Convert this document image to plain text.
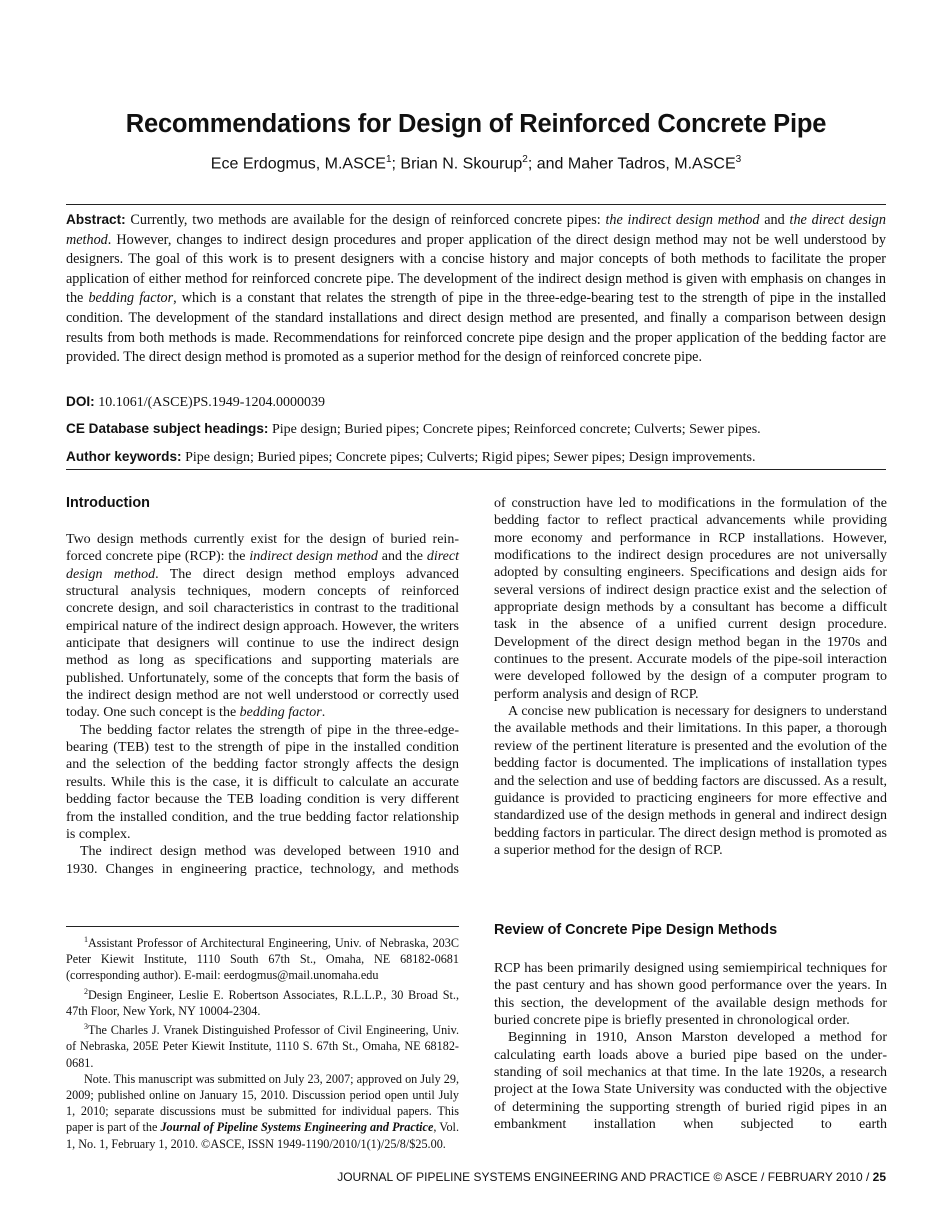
Recommendations for Design of Reinforced Concrete Pipe
Ece Erdogmus, M.ASCE$^1$; Brian N. Skourup$^2$; and Maher Tadros, M.ASCE$^3$
Abstract: Currently, two methods are available for the design of reinforced concrete pipes: the indirect design method and the direct design method. However, changes to indirect design procedures and proper application of the direct design method may not be well understood by designers. The goal of this work is to present designers with a concise history and major concepts of both methods to facilitate the proper application of either method for reinforced concrete pipe. The development of the indirect design method is given with emphasis on changes in the bedding factor, which is a constant that relates the strength of pipe in the three-edge-bearing test to the strength of pipe in the installed condition. The development of the standard installations and direct design method are presented, and finally a comparison between design results from both methods is made. Recommendations for reinforced concrete pipe design and the proper application of the bedding factor are provided. The direct design method is promoted as a superior method for the design of reinforced concrete pipe.
DOI: 10.1061/(ASCE)PS.1949-1204.0000039
CE Database subject headings: Pipe design; Buried pipes; Concrete pipes; Reinforced concrete; Culverts; Sewer pipes.
Author keywords: Pipe design; Buried pipes; Concrete pipes; Culverts; Rigid pipes; Sewer pipes; Design improvements.
Introduction

Two design methods currently exist for the design of buried reinforced concrete pipe (RCP): the indirect design method and the direct design method. The direct design method employs advanced structural analysis techniques, modern concepts of reinforced concrete design, and soil characteristics in contrast to the traditional empirical nature of the indirect design approach. However, the writers anticipate that designers will continue to use the indirect design method as long as specifications and supporting materials are published. Unfortunately, some of the concepts that form the basis of the indirect design method are not well understood or correctly used today. One such concept is the bedding factor.

The bedding factor relates the strength of pipe in the three-edge-bearing (TEB) test to the strength of pipe in the installed condition and the selection of the bedding factor strongly affects the design results. While this is the case, it is difficult to calculate an accurate bedding factor because the TEB loading condition is very different from the installed condition, and the true bedding factor relationship is complex.

The indirect design method was developed between 1910 and 1930. Changes in engineering practice, technology, and methods

$^1$Assistant Professor of Architectural Engineering, Univ. of Nebraska, 203C Peter Kiewit Institute, 1110 South 67th St., Omaha, NE 68182-0681 (corresponding author). E-mail: eerdogmus@mail.unomaha.edu

$^2$Design Engineer, Leslie E. Robertson Associates, R.L.L.P., 30 Broad St., 47th Floor, New York, NY 10004-2304.

$^3$The Charles J. Vranek Distinguished Professor of Civil Engineering, Univ. of Nebraska, 205E Peter Kiewit Institute, 1110 S. 67th St., Omaha, NE 68182-0681.

Note. This manuscript was submitted on July 23, 2007; approved on July 29, 2009; published online on January 15, 2010. Discussion period open until July 1, 2010; separate discussions must be submitted for individual papers. This paper is part of the Journal of Pipeline Systems Engineering and Practice, Vol. 1, No. 1, February 1, 2010. ©ASCE, ISSN 1949-1190/2010/1(1)/25/8/$25.00.

of construction have led to modifications in the formulation of the bedding factor to reflect practical advancements while providing more economy and performance in RCP installations. However, modifications to the indirect design procedures are not universally adopted by consulting engineers. Specifications and design aids for several versions of indirect design practice exist and the selection of appropriate design methods by a consultant has become a difficult task in the absence of a unified current design procedure. Development of the direct design method began in the 1970s and continues to the present. Accurate models of the pipe-soil interaction were developed followed by the design of a computer program to perform analysis and design of RCP.

A concise new publication is necessary for designers to understand the available methods and their limitations. In this paper, a thorough review of the pertinent literature is presented and the evolution of the bedding factor is documented. The implications of installation types and the selection and use of bedding factors are discussed. As a result, guidance is provided to practicing engineers for more effective and standardized use of the design methods in general and indirect design bedding factors in particular. The direct design method is promoted as a superior method for the design of RCP.

Review of Concrete Pipe Design Methods

RCP has been primarily designed using semiempirical techniques for the past century and has shown good performance over the years. In this section, the development of the available design methods for buried concrete pipe is briefly presented in chronological order.

Beginning in 1910, Anson Marston developed a method for calculating earth loads above a buried pipe based on the understanding of soil mechanics at that time. In the late 1920s, a research project at the Iowa State University was conducted with the objective of determining the supporting strength of buried rigid pipes in an embankment installation when subjected to earth

JOURNAL OF PIPELINE SYSTEMS ENGINEERING AND PRACTICE © ASCE / FEBRUARY 2010 / 25
